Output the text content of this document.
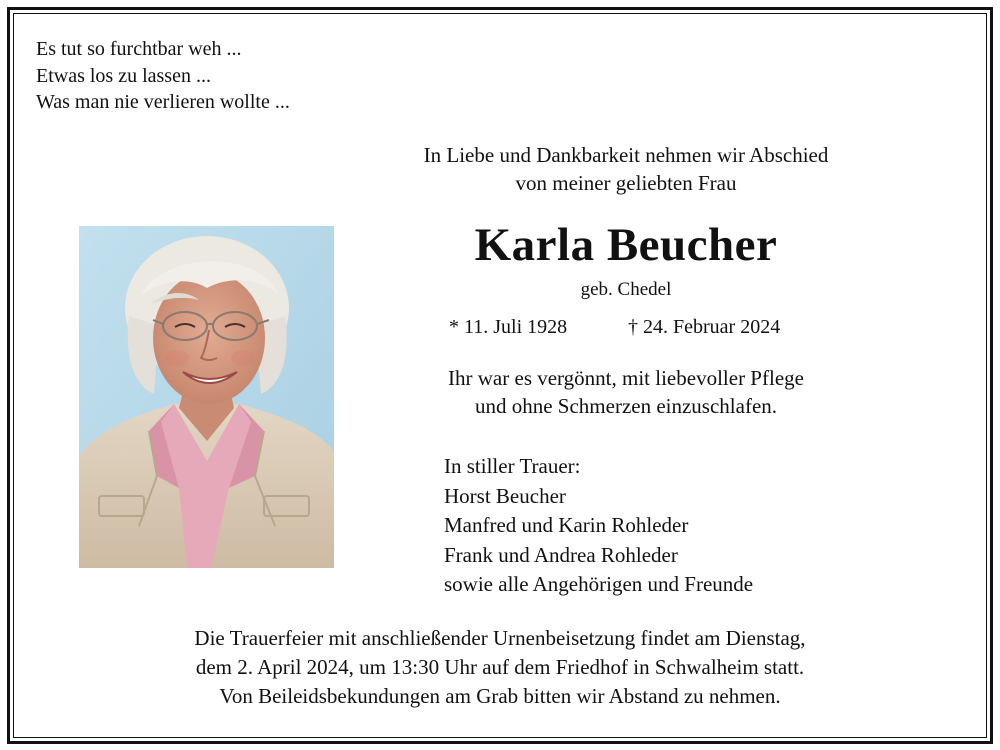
Es tut so furchtbar weh ...
Etwas los zu lassen ...
Was man nie verlieren wollte ...
In Liebe und Dankbarkeit nehmen wir Abschied
von meiner geliebten Frau
Karla Beucher
geb. Chedel
* 11. Juli 1928	† 24. Februar 2024
Ihr war es vergönnt, mit liebevoller Pflege
und ohne Schmerzen einzuschlafen.
In stiller Trauer:
Horst Beucher
Manfred und Karin Rohleder
Frank und Andrea Rohleder
sowie alle Angehörigen und Freunde
Die Trauerfeier mit anschließender Urnenbeisetzung findet am Dienstag,
dem 2. April 2024, um 13:30 Uhr auf dem Friedhof in Schwalheim statt.
Von Beileidsbekundungen am Grab bitten wir Abstand zu nehmen.
